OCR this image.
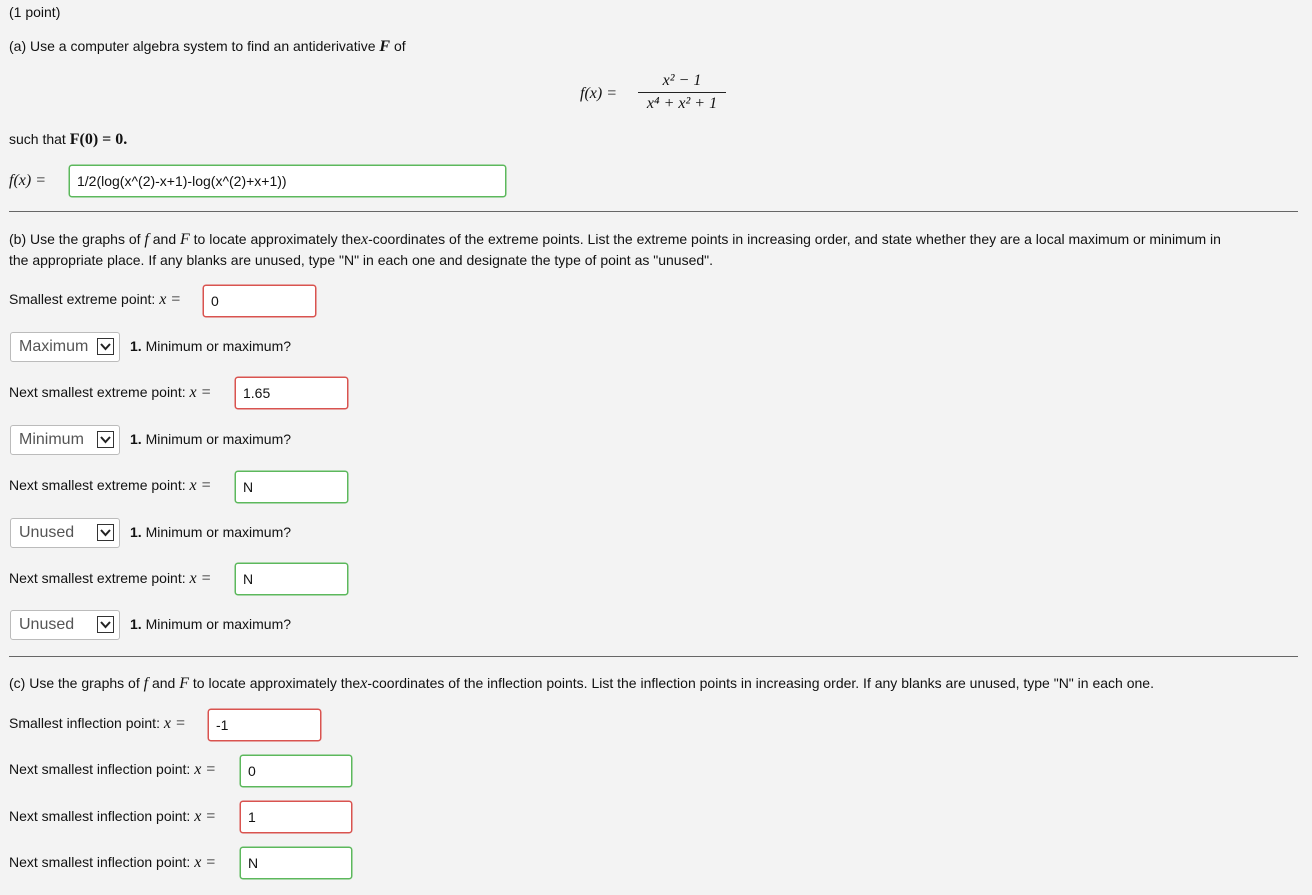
(1 point)
(a) Use a computer algebra system to find an antiderivative F of
f(x) =
x² − 1
x⁴ + x² + 1
such that F(0) = 0.
f(x) =	1/2(log(x^(2)-x+1)-log(x^(2)+x+1))
(b) Use the graphs of f and F to locate approximately thex-coordinates of the extreme points. List the extreme points in increasing order, and state whether they are a local maximum or minimum in
the appropriate place. If any blanks are unused, type "N" in each one and designate the type of point as "unused".
Smallest extreme point: x =	0
Maximum	1. Minimum or maximum?
Next smallest extreme point: x =	1.65
Minimum	1. Minimum or maximum?
Next smallest extreme point: x =	N
Unused	1. Minimum or maximum?
Next smallest extreme point: x =	N
Unused	1. Minimum or maximum?
(c) Use the graphs of f and F to locate approximately thex-coordinates of the inflection points. List the inflection points in increasing order. If any blanks are unused, type "N" in each one.
Smallest inflection point: x =	-1
Next smallest inflection point: x =	0
Next smallest inflection point: x =	1
Next smallest inflection point: x =	N
